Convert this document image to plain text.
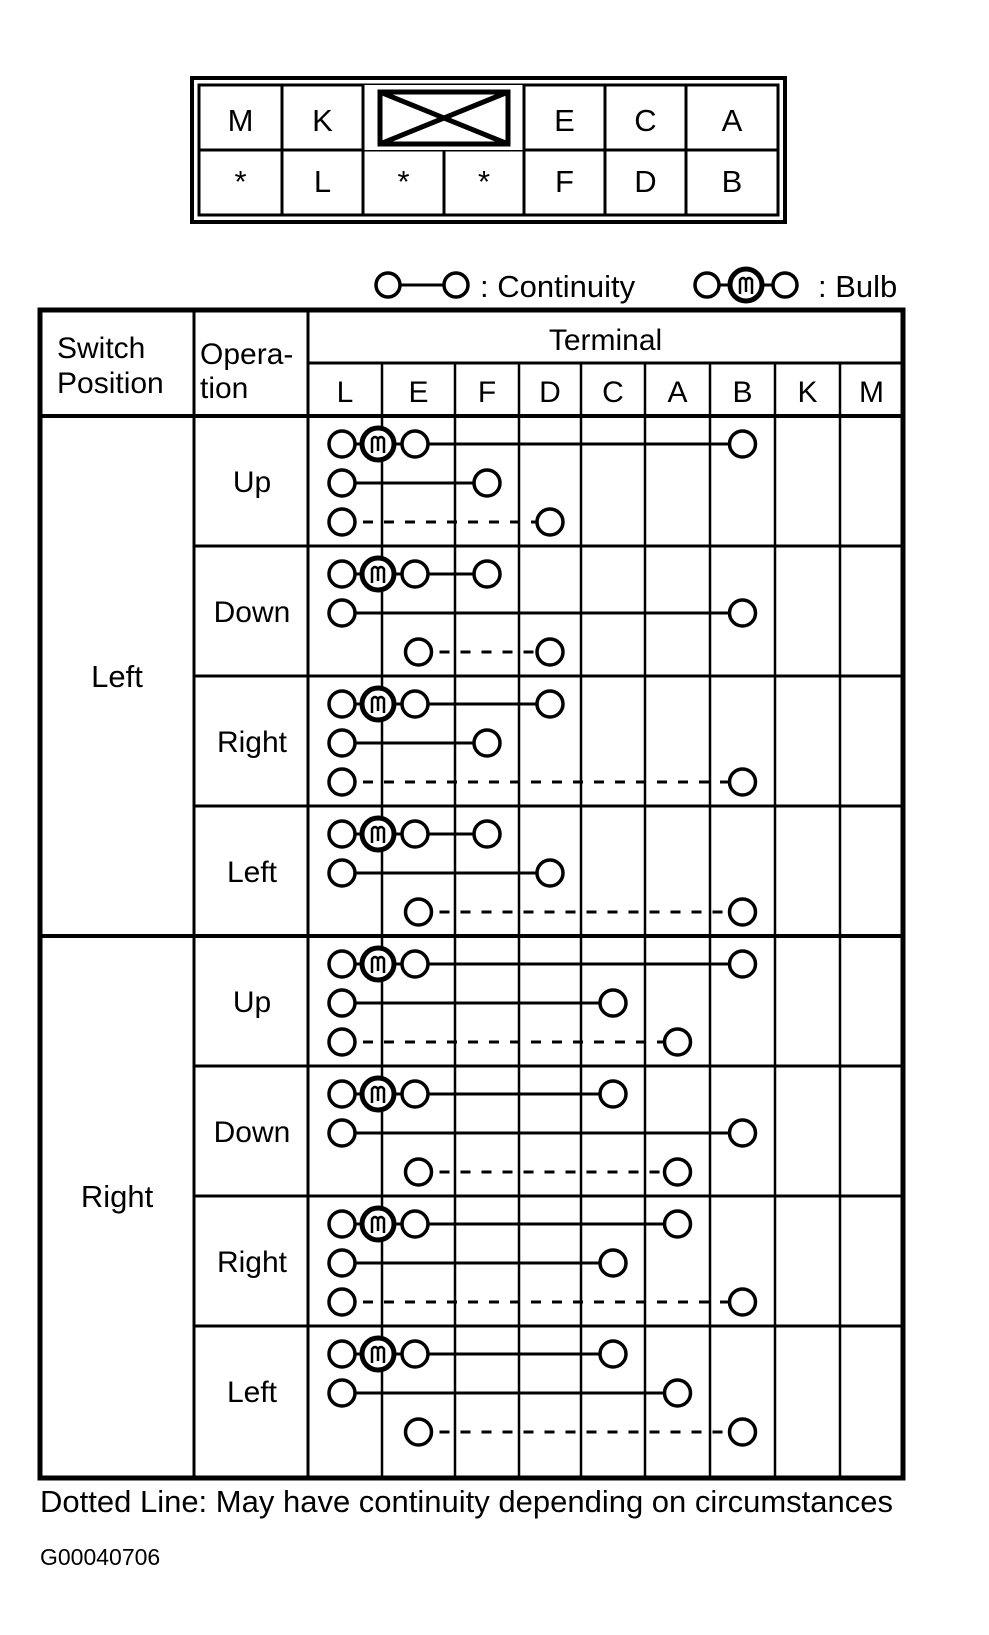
M K	E C A
* L * * F D B
: Continuity	: Bulb
Switch
Position
Opera-
tion
Terminal
L E F D C A B K M
Left
Up
Down
Right
Left
Right
Up
Down
Right
Left
Dotted Line: May have continuity depending on circumstances
G00040706
